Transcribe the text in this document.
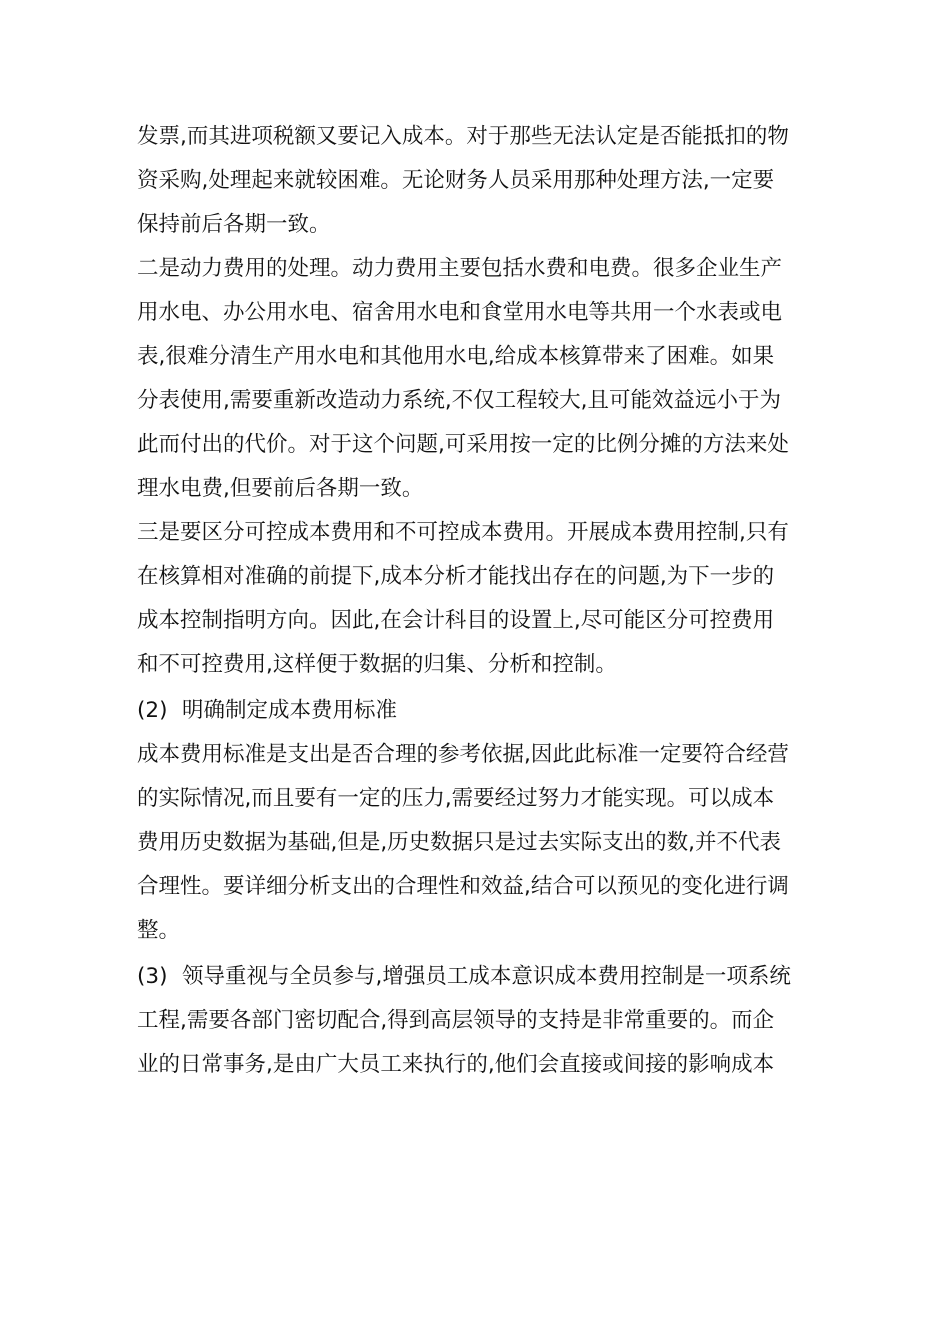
发票,而其进项税额又要记入成本。对于那些无法认定是否能抵扣的物
资采购,处理起来就较困难。无论财务人员采用那种处理方法,一定要
保持前后各期一致。
二是动力费用的处理。动力费用主要包括水费和电费。很多企业生产
用水电、办公用水电、宿舍用水电和食堂用水电等共用一个水表或电
表,很难分清生产用水电和其他用水电,给成本核算带来了困难。如果
分表使用,需要重新改造动力系统,不仅工程较大,且可能效益远小于为
此而付出的代价。对于这个问题,可采用按一定的比例分摊的方法来处
理水电费,但要前后各期一致。
三是要区分可控成本费用和不可控成本费用。开展成本费用控制,只有
在核算相对准确的前提下,成本分析才能找出存在的问题,为下一步的
成本控制指明方向。因此,在会计科目的设置上,尽可能区分可控费用
和不可控费用,这样便于数据的归集、分析和控制。
(2) 明确制定成本费用标准
成本费用标准是支出是否合理的参考依据,因此此标准一定要符合经营
的实际情况,而且要有一定的压力,需要经过努力才能实现。可以成本
费用历史数据为基础,但是,历史数据只是过去实际支出的数,并不代表
合理性。要详细分析支出的合理性和效益,结合可以预见的变化进行调
整。
(3) 领导重视与全员参与,增强员工成本意识成本费用控制是一项系统
工程,需要各部门密切配合,得到高层领导的支持是非常重要的。而企
业的日常事务,是由广大员工来执行的,他们会直接或间接的影响成本
